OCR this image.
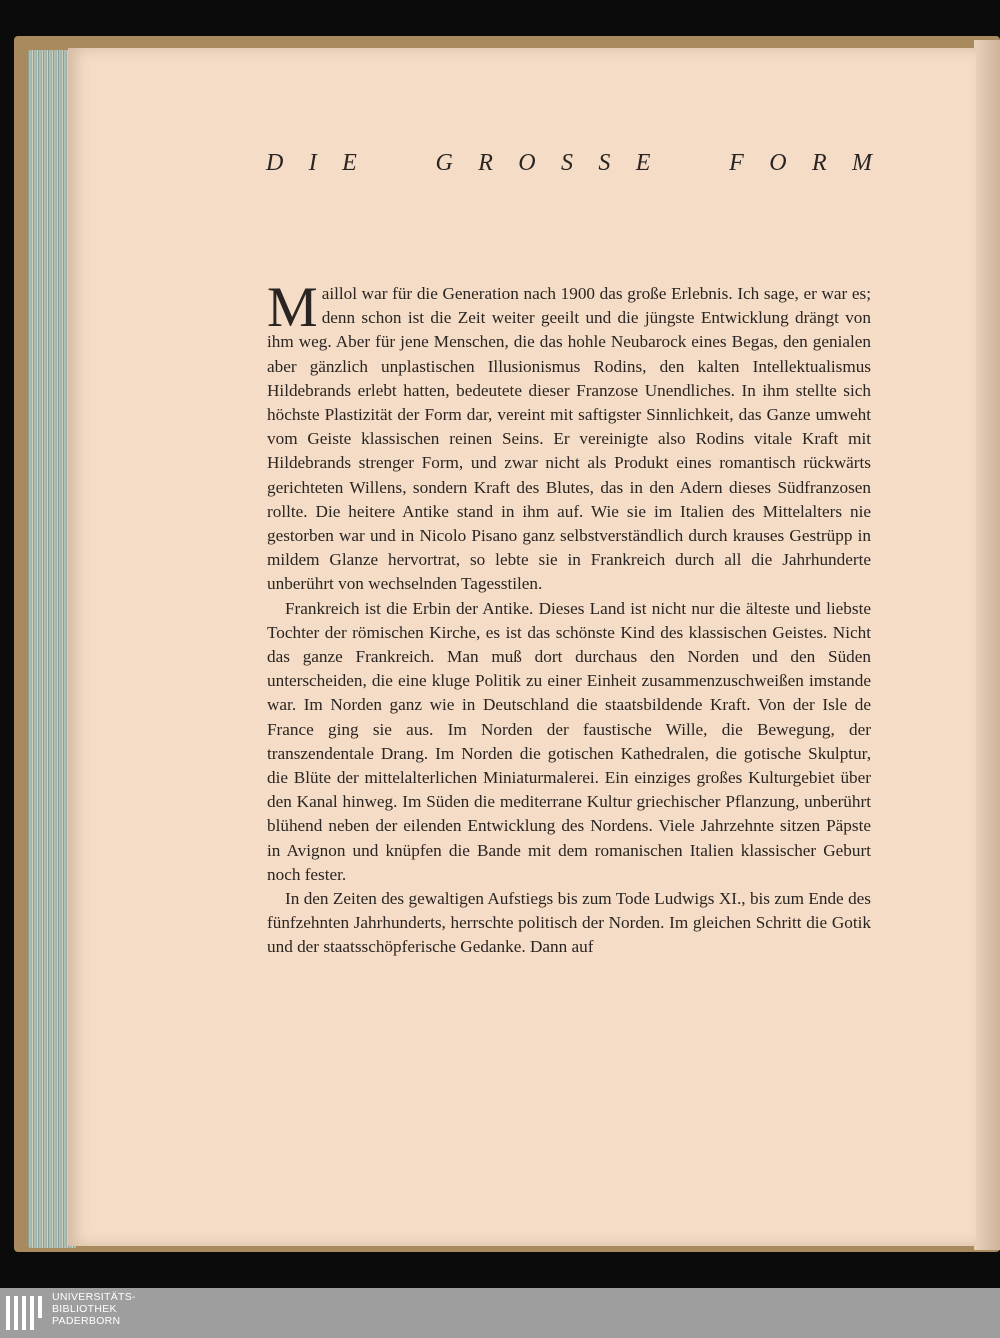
D I E	G R O S S E	F O R M

Maillol war für die Generation nach 1900 das große Erlebnis. Ich sage, er war es; denn schon ist die Zeit weiter geeilt und die jüngste Entwicklung drängt von ihm weg. Aber für jene Menschen, die das hohle Neubarock eines Begas, den genialen aber gänzlich unplastischen Illusionismus Rodins, den kalten Intellektualismus Hildebrands erlebt hatten, bedeutete dieser Franzose Unendliches. In ihm stellte sich höchste Plastizität der Form dar, vereint mit saftigster Sinnlichkeit, das Ganze umweht vom Geiste klassischen reinen Seins. Er vereinigte also Rodins vitale Kraft mit Hildebrands strenger Form, und zwar nicht als Produkt eines romantisch rückwärts gerichteten Willens, sondern Kraft des Blutes, das in den Adern dieses Südfranzosen rollte. Die heitere Antike stand in ihm auf. Wie sie im Italien des Mittelalters nie gestorben war und in Nicolo Pisano ganz selbstverständlich durch krauses Gestrüpp in mildem Glanze hervortrat, so lebte sie in Frankreich durch all die Jahrhunderte unberührt von wechselnden Tagesstilen.

Frankreich ist die Erbin der Antike. Dieses Land ist nicht nur die älteste und liebste Tochter der römischen Kirche, es ist das schönste Kind des klassischen Geistes. Nicht das ganze Frankreich. Man muß dort durchaus den Norden und den Süden unterscheiden, die eine kluge Politik zu einer Einheit zusammenzuschweißen imstande war. Im Norden ganz wie in Deutschland die staatsbildende Kraft. Von der Isle de France ging sie aus. Im Norden der faustische Wille, die Bewegung, der transzendentale Drang. Im Norden die gotischen Kathedralen, die gotische Skulptur, die Blüte der mittelalterlichen Miniaturmalerei. Ein einziges großes Kulturgebiet über den Kanal hinweg. Im Süden die mediterrane Kultur griechischer Pflanzung, unberührt blühend neben der eilenden Entwicklung des Nordens. Viele Jahrzehnte sitzen Päpste in Avignon und knüpfen die Bande mit dem romanischen Italien klassischer Geburt noch fester.

In den Zeiten des gewaltigen Aufstiegs bis zum Tode Ludwigs XI., bis zum Ende des fünfzehnten Jahrhunderts, herrschte politisch der Norden. Im gleichen Schritt die Gotik und der staatsschöpferische Gedanke. Dann auf

UNIVERSITÄTS-
BIBLIOTHEK
PADERBORN
